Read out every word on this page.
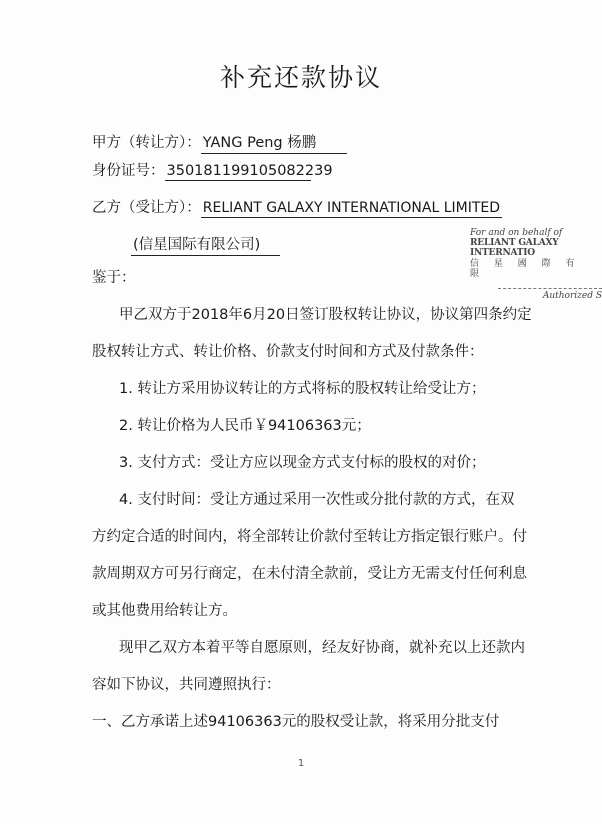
补充还款协议
甲方（转让方）： YANG Peng 杨鹏
身份证号： 350181199105082239
乙方（受让方）： RELIANT GALAXY INTERNATIONAL LIMITED
(信星国际有限公司)
For and on behalf of
RELIANT GALAXY INTERNATIO
信 星 國 際 有 限
Authorized S
鉴于：
甲乙双方于2018年6月20日签订股权转让协议，协议第四条约定
股权转让方式、转让价格、价款支付时间和方式及付款条件：
1. 转让方采用协议转让的方式将标的股权转让给受让方；
2. 转让价格为人民币￥94106363元；
3. 支付方式：受让方应以现金方式支付标的股权的对价；
4. 支付时间：受让方通过采用一次性或分批付款的方式，在双
方约定合适的时间内，将全部转让价款付至转让方指定银行账户。付
款周期双方可另行商定，在未付清全款前，受让方无需支付任何利息
或其他费用给转让方。
现甲乙双方本着平等自愿原则，经友好协商，就补充以上还款内
容如下协议，共同遵照执行：
一、乙方承诺上述94106363元的股权受让款，将采用分批支付
1
